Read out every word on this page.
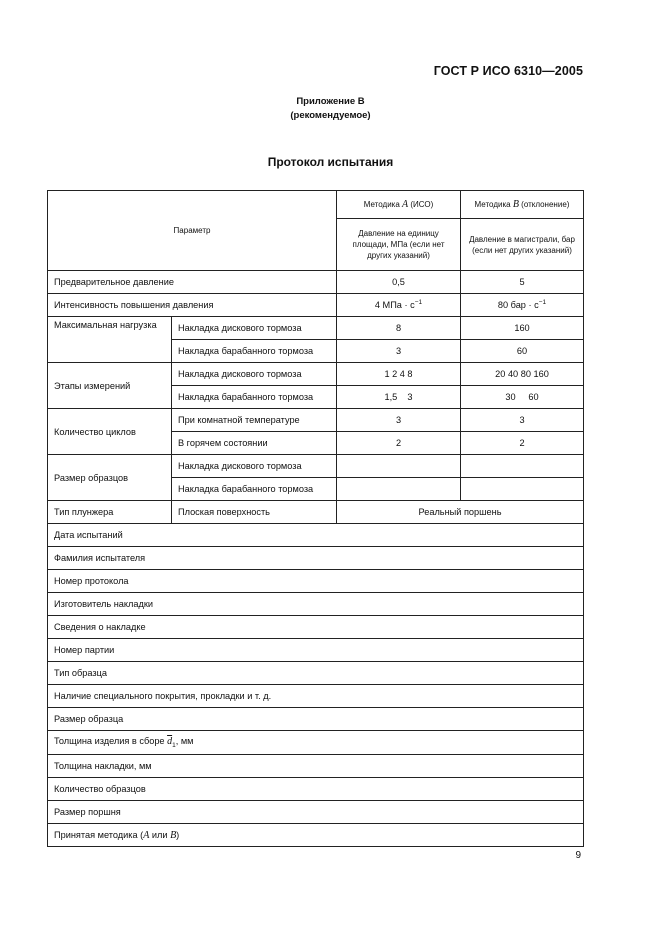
ГОСТ Р ИСО 6310—2005
Приложение В
(рекомендуемое)
Протокол испытания
Параметр		Методика A (ИСО)	Методика B (отклонение)
		Давление на единицу площади, МПа (если нет других указаний)	Давление в магистрали, бар (если нет других указаний)
Предварительное давление		0,5	5
Интенсивность повышения давления		4 МПа · $с^{-1}$	80 бар · $с^{-1}$
Максимальная нагрузка	Накладка дискового тормоза	8	160
	Накладка барабанного тормоза	3	60
Этапы измерений	Накладка дискового тормоза	1 2 4 8	20 40 80 160
	Накладка барабанного тормоза	1,5    3	30     60
Количество циклов	При комнатной температуре	3	3
	В горячем состоянии	2	2
Размер образцов	Накладка дискового тормоза		
	Накладка барабанного тормоза		
Тип плунжера	Плоская поверхность	Реальный поршень	
Дата испытаний			
Фамилия испытателя			
Номер протокола			
Изготовитель накладки			
Сведения о накладке			
Номер партии			
Тип образца			
Наличие специального покрытия, прокладки и т. д.			
Размер образца			
Толщина изделия в сборе $\overline{d}_1$, мм			
Толщина накладки, мм			
Количество образцов			
Размер поршня			
Принятая методика (A или B)			
9
